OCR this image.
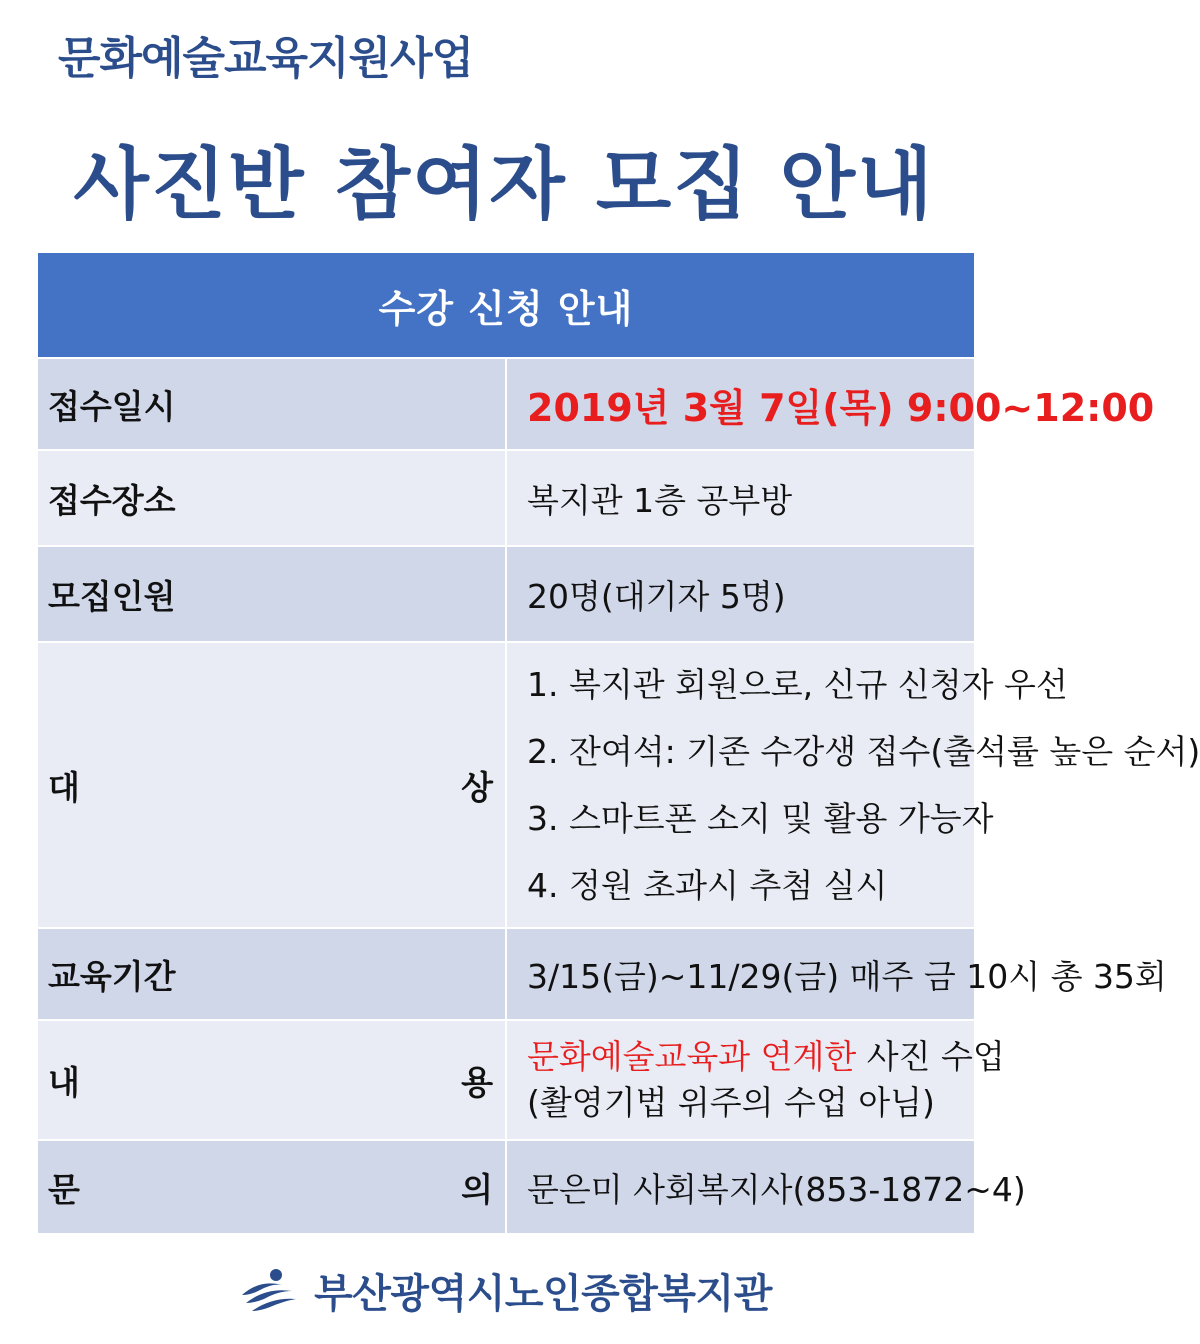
문화예술교육지원사업
사진반 참여자 모집 안내
수강 신청 안내	
접수일시	2019년 3월 7일(목) 9:00~12:00
접수장소	복지관 1층 공부방
모집인원	20명(대기자 5명)
대 상	1. 복지관 회원으로, 신규 신청자 우선
2. 잔여석: 기존 수강생 접수(출석률 높은 순서)
3. 스마트폰 소지 및 활용 가능자
4. 정원 초과시 추첨 실시

교육기간	3/15(금)~11/29(금) 매주 금 10시 총 35회
내 용	문화예술교육과 연계한 사진 수업
(촬영기법 위주의 수업 아님)

문 의	문은미 사회복지사(853-1872~4)
부산광역시노인종합복지관
